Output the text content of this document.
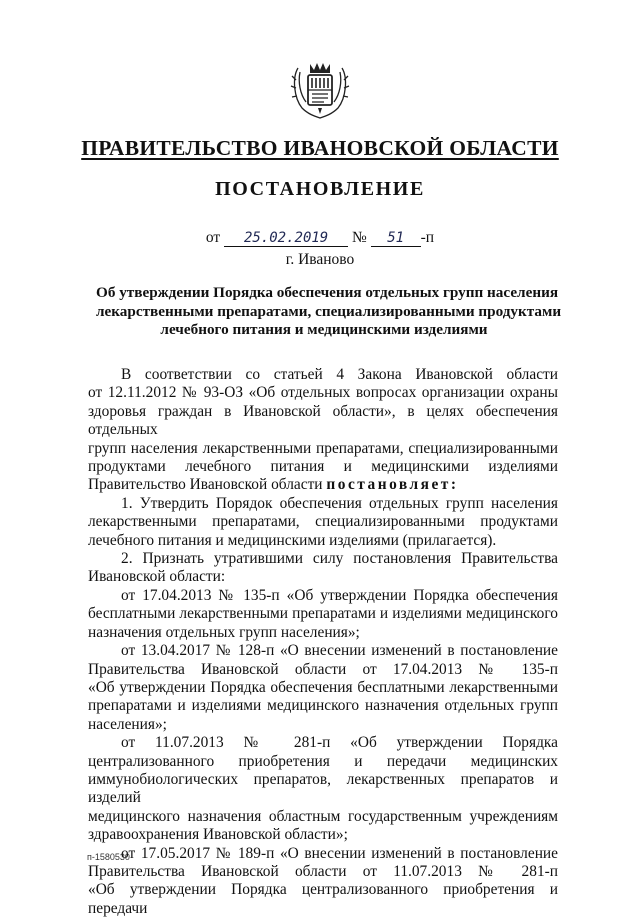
ПРАВИТЕЛЬСТВО ИВАНОВСКОЙ ОБЛАСТИ
ПОСТАНОВЛЕНИЕ
от 25.02.2019 № 51 -п
г. Иваново
Об утверждении Порядка обеспечения отдельных групп населения
лекарственными препаратами, специализированными продуктами
лечебного питания и медицинскими изделиями

В соответствии со статьей 4 Закона Ивановской области

от 12.11.2012 № 93-ОЗ «Об отдельных вопросах организации охраны

здоровья граждан в Ивановской области», в целях обеспечения отдельных

групп населения лекарственными препаратами, специализированными

продуктами лечебного питания и медицинскими изделиями

Правительство Ивановской области постановляет:

1. Утвердить Порядок обеспечения отдельных групп населения

лекарственными препаратами, специализированными продуктами

лечебного питания и медицинскими изделиями (прилагается).

2. Признать утратившими силу постановления Правительства

Ивановской области:

от 17.04.2013 № 135-п «Об утверждении Порядка обеспечения

бесплатными лекарственными препаратами и изделиями медицинского

назначения отдельных групп населения»;

от 13.04.2017 № 128-п «О внесении изменений в постановление

Правительства Ивановской области от 17.04.2013 № 135-п

«Об утверждении Порядка обеспечения бесплатными лекарственными

препаратами и изделиями медицинского назначения отдельных групп

населения»;

от 11.07.2013 № 281-п «Об утверждении Порядка

централизованного приобретения и передачи медицинских

иммунобиологических препаратов, лекарственных препаратов и изделий

медицинского назначения областным государственным учреждениям

здравоохранения Ивановской области»;

от 17.05.2017 № 189-п «О внесении изменений в постановление

Правительства Ивановской области от 11.07.2013 № 281-п

«Об утверждении Порядка централизованного приобретения и передачи

п-1580530
